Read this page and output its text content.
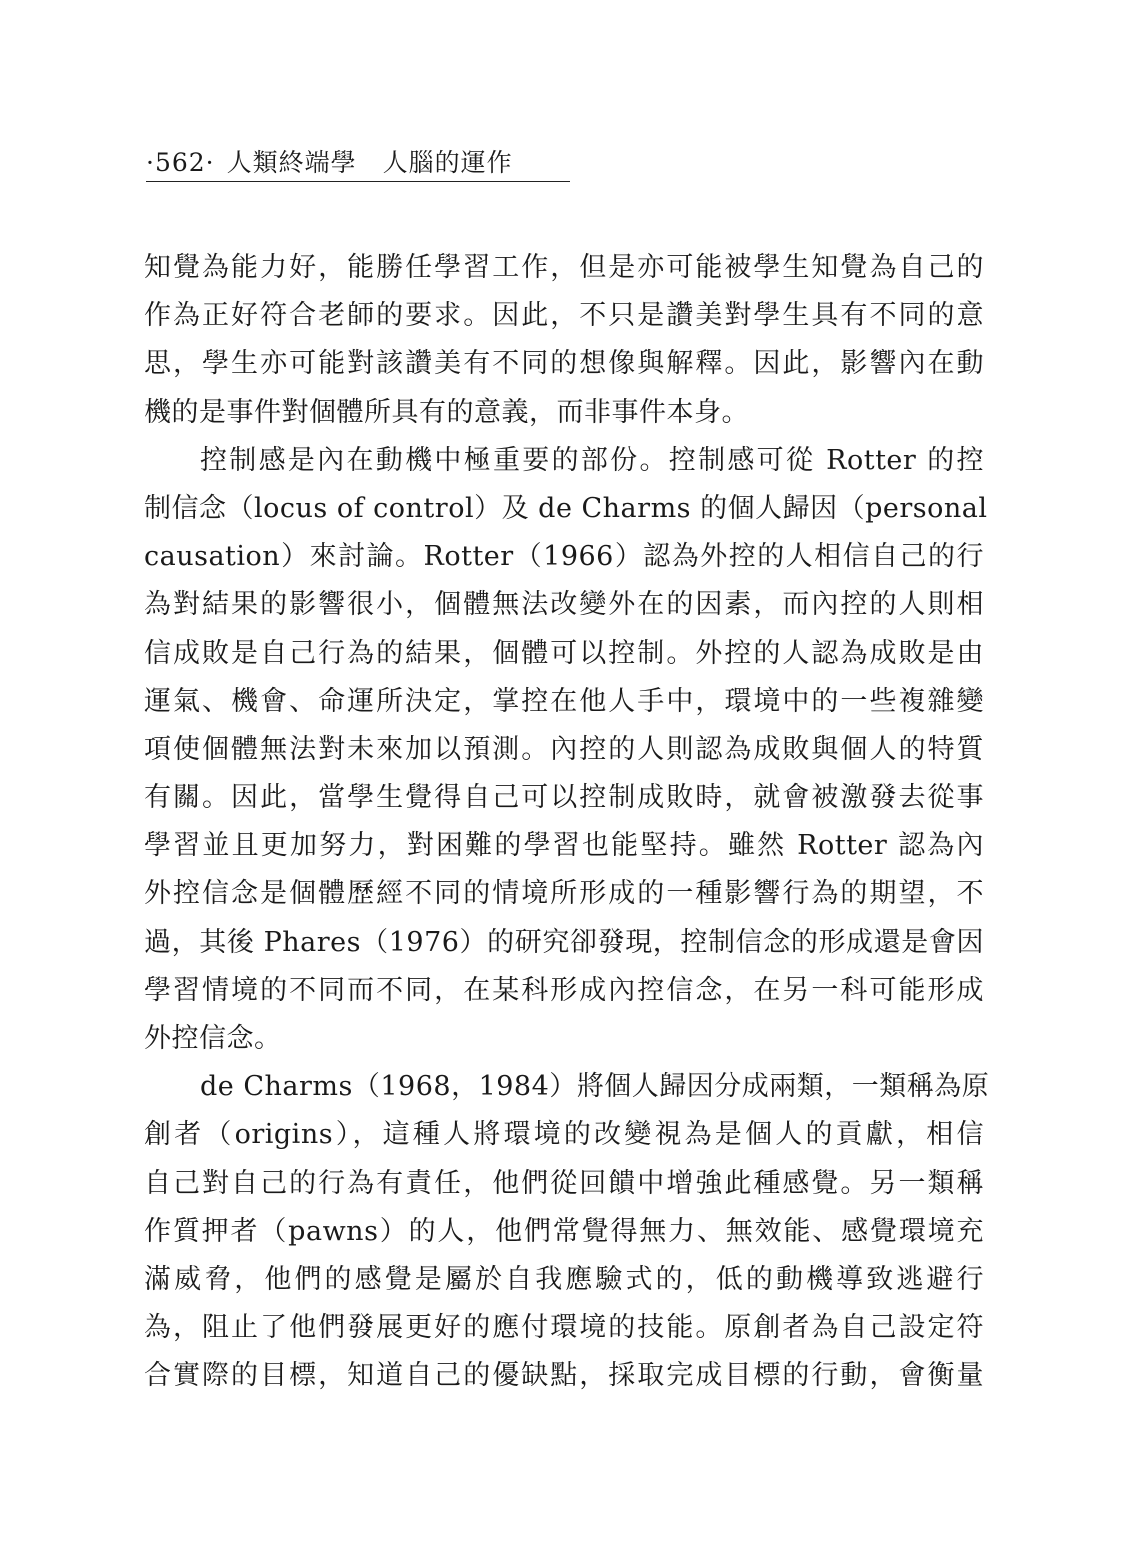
·562· 人類終端學　人腦的運作
知覺為能力好，能勝任學習工作，但是亦可能被學生知覺為自己的
作為正好符合老師的要求。因此，不只是讚美對學生具有不同的意
思，學生亦可能對該讚美有不同的想像與解釋。因此，影響內在動
機的是事件對個體所具有的意義，而非事件本身。
控制感是內在動機中極重要的部份。控制感可從 Rotter 的控
制信念（locus of control）及 de Charms 的個人歸因（personal
causation）來討論。Rotter（1966）認為外控的人相信自己的行
為對結果的影響很小，個體無法改變外在的因素，而內控的人則相
信成敗是自己行為的結果，個體可以控制。外控的人認為成敗是由
運氣、機會、命運所決定，掌控在他人手中，環境中的一些複雜變
項使個體無法對未來加以預測。內控的人則認為成敗與個人的特質
有關。因此，當學生覺得自己可以控制成敗時，就會被激發去從事
學習並且更加努力，對困難的學習也能堅持。雖然 Rotter 認為內
外控信念是個體歷經不同的情境所形成的一種影響行為的期望，不
過，其後 Phares（1976）的研究卻發現，控制信念的形成還是會因
學習情境的不同而不同，在某科形成內控信念，在另一科可能形成
外控信念。
de Charms（1968，1984）將個人歸因分成兩類，一類稱為原
創者（origins），這種人將環境的改變視為是個人的貢獻，相信
自己對自己的行為有責任，他們從回饋中增強此種感覺。另一類稱
作質押者（pawns）的人，他們常覺得無力、無效能、感覺環境充
滿威脅，他們的感覺是屬於自我應驗式的，低的動機導致逃避行
為，阻止了他們發展更好的應付環境的技能。原創者為自己設定符
合實際的目標，知道自己的優缺點，採取完成目標的行動，會衡量
